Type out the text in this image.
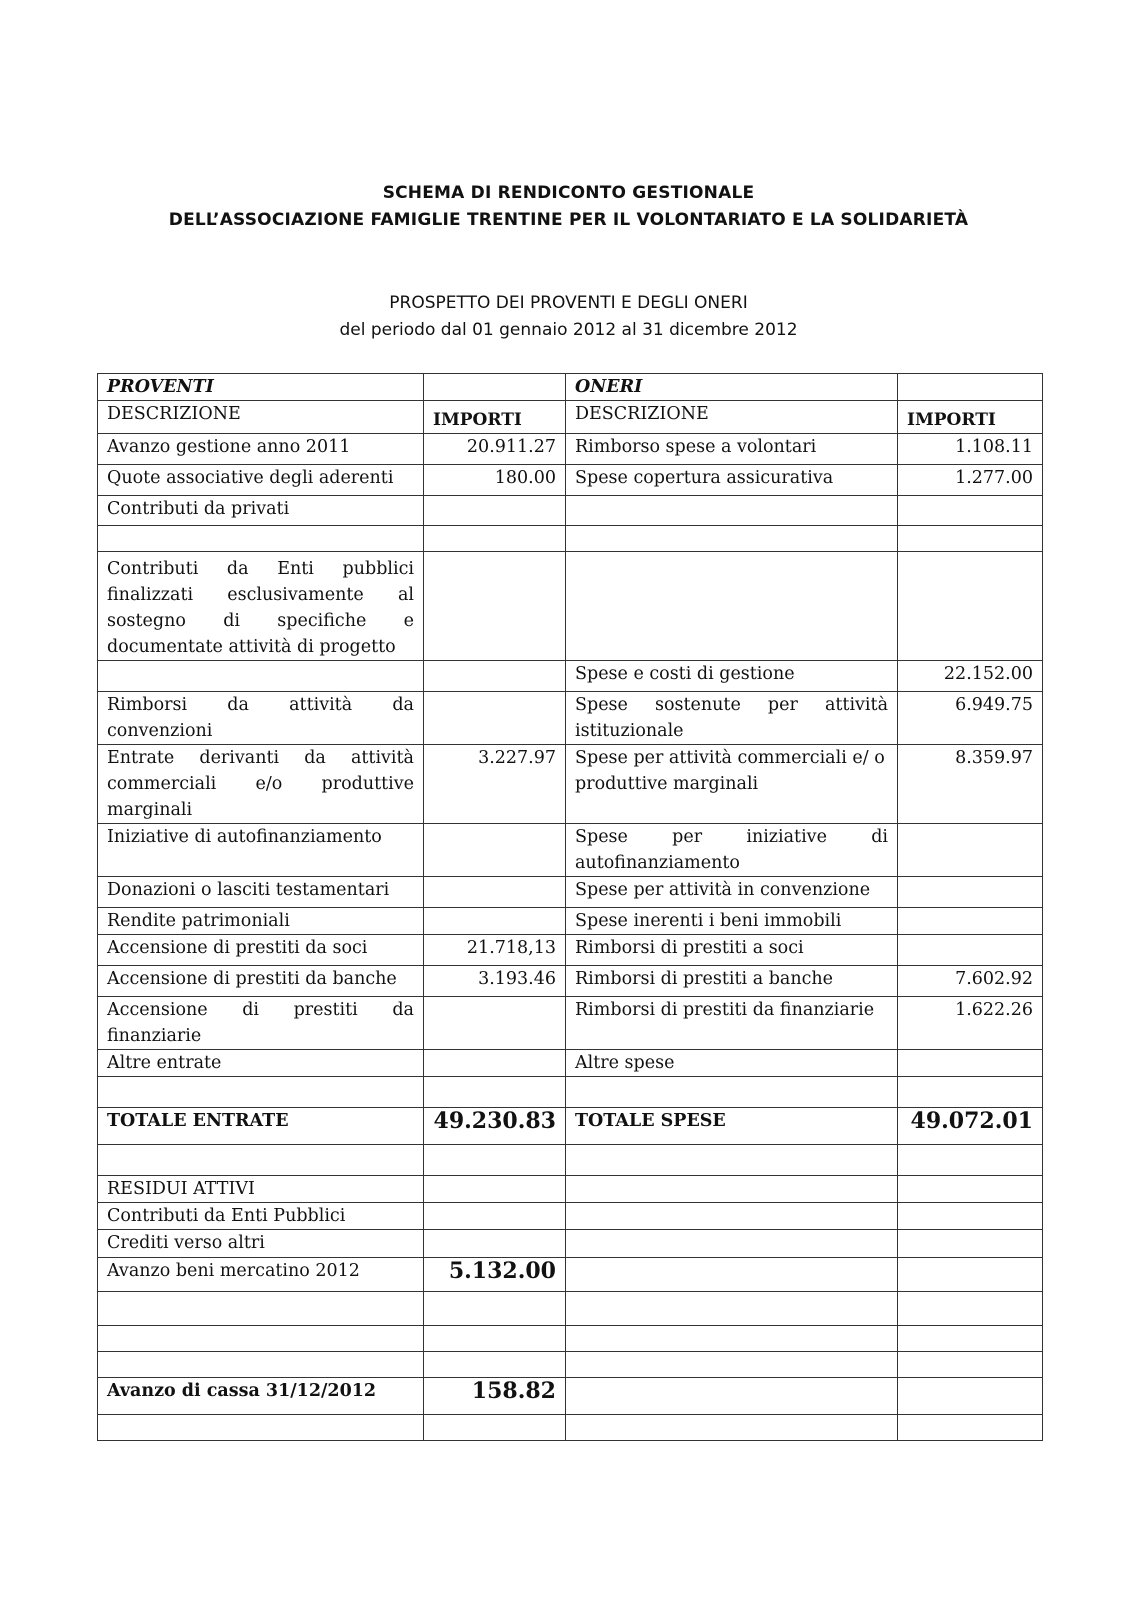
SCHEMA DI RENDICONTO GESTIONALE
DELL’ASSOCIAZIONE FAMIGLIE TRENTINE PER IL VOLONTARIATO E LA SOLIDARIETÀ
PROSPETTO DEI PROVENTI E DEGLI ONERI
del periodo dal 01 gennaio 2012 al 31 dicembre 2012
PROVENTI		ONERI	
DESCRIZIONE	IMPORTI	DESCRIZIONE	IMPORTI
Avanzo gestione anno 2011	20.911.27	Rimborso spese a volontari	1.108.11
Quote associative degli aderenti	180.00	Spese copertura assicurativa	1.277.00
Contributi da privati			

Contributi da Enti pubblici finalizzati esclusivamente al sostegno di specifiche e documentate attività di progetto			
		Spese e costi di gestione	22.152.00
Rimborsi da attività da convenzioni		Spese sostenute per attività istituzionale	6.949.75
Entrate derivanti da attività commerciali e/o produttive marginali	3.227.97	Spese per attività commerciali e/ o produttive marginali	8.359.97
Iniziative di autofinanziamento		Spese per iniziative di autofinanziamento	
Donazioni o lasciti testamentari		Spese per attività in convenzione	
Rendite patrimoniali		Spese inerenti i beni immobili	
Accensione di prestiti da soci	21.718,13	Rimborsi di prestiti a soci	
Accensione di prestiti da banche	3.193.46	Rimborsi di prestiti a banche	7.602.92
Accensione di prestiti da finanziarie		Rimborsi di prestiti da finanziarie	1.622.26
Altre entrate		Altre spese	

TOTALE ENTRATE	49.230.83	TOTALE SPESE	49.072.01

RESIDUI ATTIVI			
Contributi da Enti Pubblici			
Crediti verso altri			
Avanzo beni mercatino 2012	5.132.00		

Avanzo di cassa 31/12/2012	158.82		
